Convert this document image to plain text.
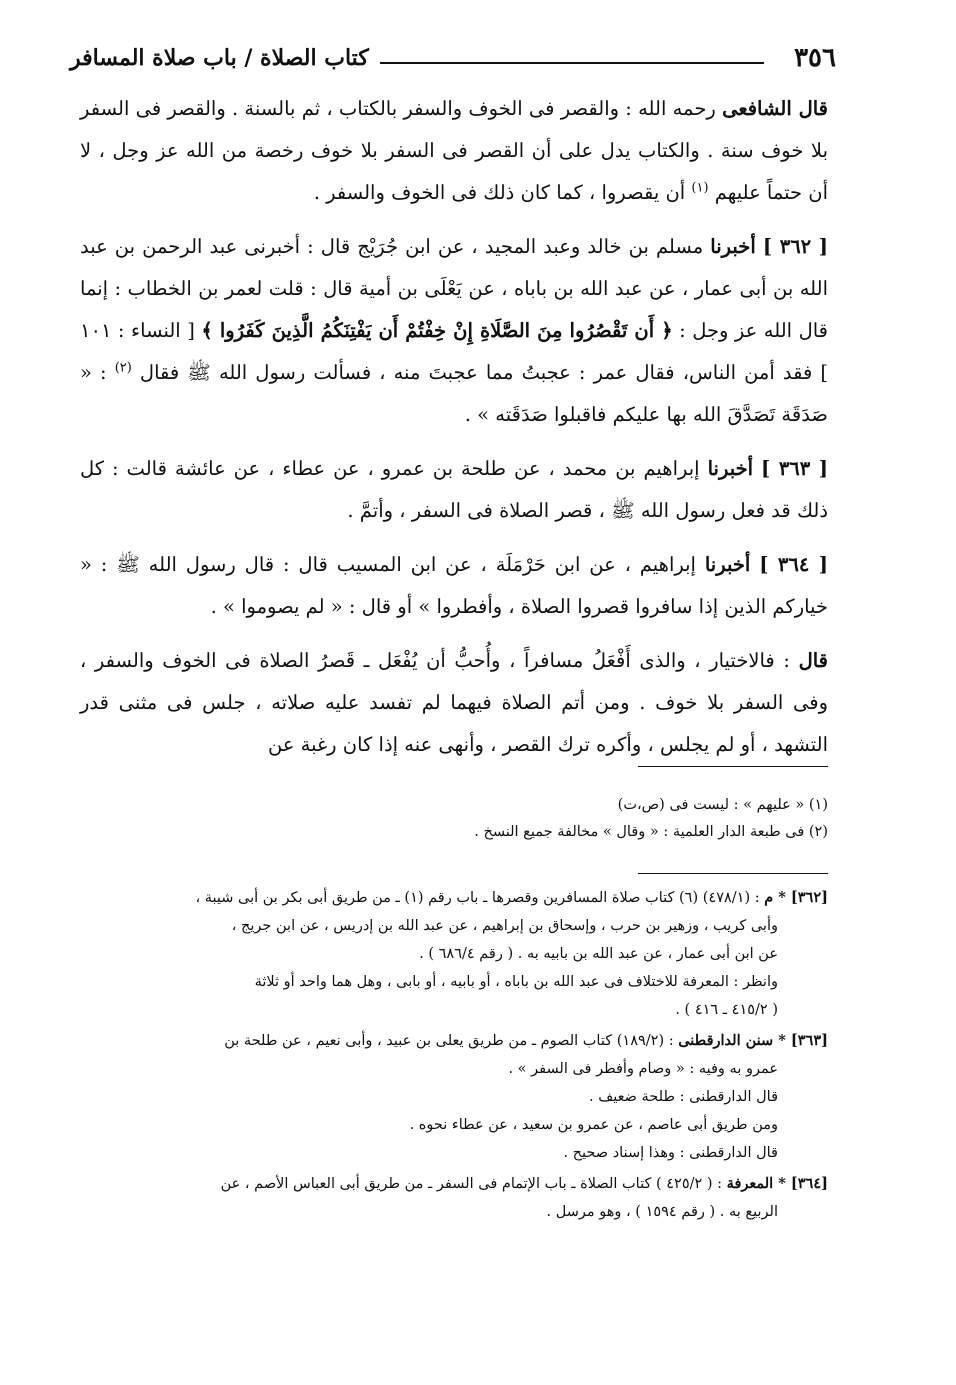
٣٥٦
كتاب الصلاة / باب صلاة المسافر

قال الشافعى رحمه الله : والقصر فى الخوف والسفر بالكتاب ، ثم بالسنة . والقصر فى السفر بلا خوف سنة . والكتاب يدل على أن القصر فى السفر بلا خوف رخصة من الله عز وجل ، لا أن حتماً عليهم $^{(١)}$ أن يقصروا ، كما كان ذلك فى الخوف والسفر .

[ ٣٦٢ ] أخبرنا مسلم بن خالد وعبد المجيد ، عن ابن جُرَيْج قال : أخبرنى عبد الرحمن بن عبد الله بن أبى عمار ، عن عبد الله بن باباه ، عن يَعْلَى بن أمية قال : قلت لعمر بن الخطاب : إنما قال الله عز وجل : ﴿ أَن تَقْصُرُوا مِنَ الصَّلَاةِ إِنْ خِفْتُمْ أَن يَفْتِنَكُمُ الَّذِينَ كَفَرُوا ﴾ [ النساء : ١٠١ ] فقد أمن الناس، فقال عمر : عجبتُ مما عجبتَ منه ، فسألت رسول الله ﷺ فقال $^{(٢)}$ : « صَدَقَة تَصَدَّقَ الله بها عليكم فاقبلوا صَدَقَته » .

[ ٣٦٣ ] أخبرنا إبراهيم بن محمد ، عن طلحة بن عمرو ، عن عطاء ، عن عائشة قالت : كل ذلك قد فعل رسول الله ﷺ ، قصر الصلاة فى السفر ، وأتمَّ .

[ ٣٦٤ ] أخبرنا إبراهيم ، عن ابن حَرْمَلَة ، عن ابن المسيب قال : قال رسول الله ﷺ : « خياركم الذين إذا سافروا قصروا الصلاة ، وأفطروا » أو قال : « لم يصوموا » .

قال : فالاختيار ، والذى أَفْعَلُ مسافراً ، وأُحبُّ أن يُفْعَل ـ قَصرُ الصلاة فى الخوف والسفر ، وفى السفر بلا خوف . ومن أتم الصلاة فيهما لم تفسد عليه صلاته ، جلس فى مثنى قدر التشهد ، أو لم يجلس ، وأكره ترك القصر ، وأنهى عنه إذا كان رغبة عن

(١) « عليهم » : ليست فى (ص،ت)
(٢) فى طبعة الدار العلمية : « وقال » مخالفة جميع النسخ .

[٣٦٢] * م : (٤٧٨/١) (٦) كتاب صلاة المسافرين وقصرها ـ باب رقم (١) ـ من طريق أبى بكر بن أبى شيبة ،

وأبى كريب ، وزهير بن حرب ، وإسحاق بن إبراهيم ، عن عبد الله بن إدريس ، عن ابن جريج ،

عن ابن أبى عمار ، عن عبد الله بن بابيه به . ( رقم ٦٨٦/٤ ) .

وانظر : المعرفة للاختلاف فى عبد الله بن باباه ، أو بابيه ، أو بابى ، وهل هما واحد أو ثلاثة

( ٤١٥/٢ ـ ٤١٦ ) .

[٣٦٣] * سنن الدارقطنى : (١٨٩/٢) كتاب الصوم ـ من طريق يعلى بن عبيد ، وأبى نعيم ، عن طلحة بن

عمرو به وفيه : « وصام وأفطر فى السفر » .

قال الدارقطنى : طلحة ضعيف .

ومن طريق أبى عاصم ، عن عمرو بن سعيد ، عن عطاء نحوه .

قال الدارقطنى : وهذا إسناد صحيح .

[٣٦٤] * المعرفة : ( ٤٢٥/٢ ) كتاب الصلاة ـ باب الإتمام فى السفر ـ من طريق أبى العباس الأصم ، عن

الربيع به . ( رقم ١٥٩٤ ) ، وهو مرسل .
